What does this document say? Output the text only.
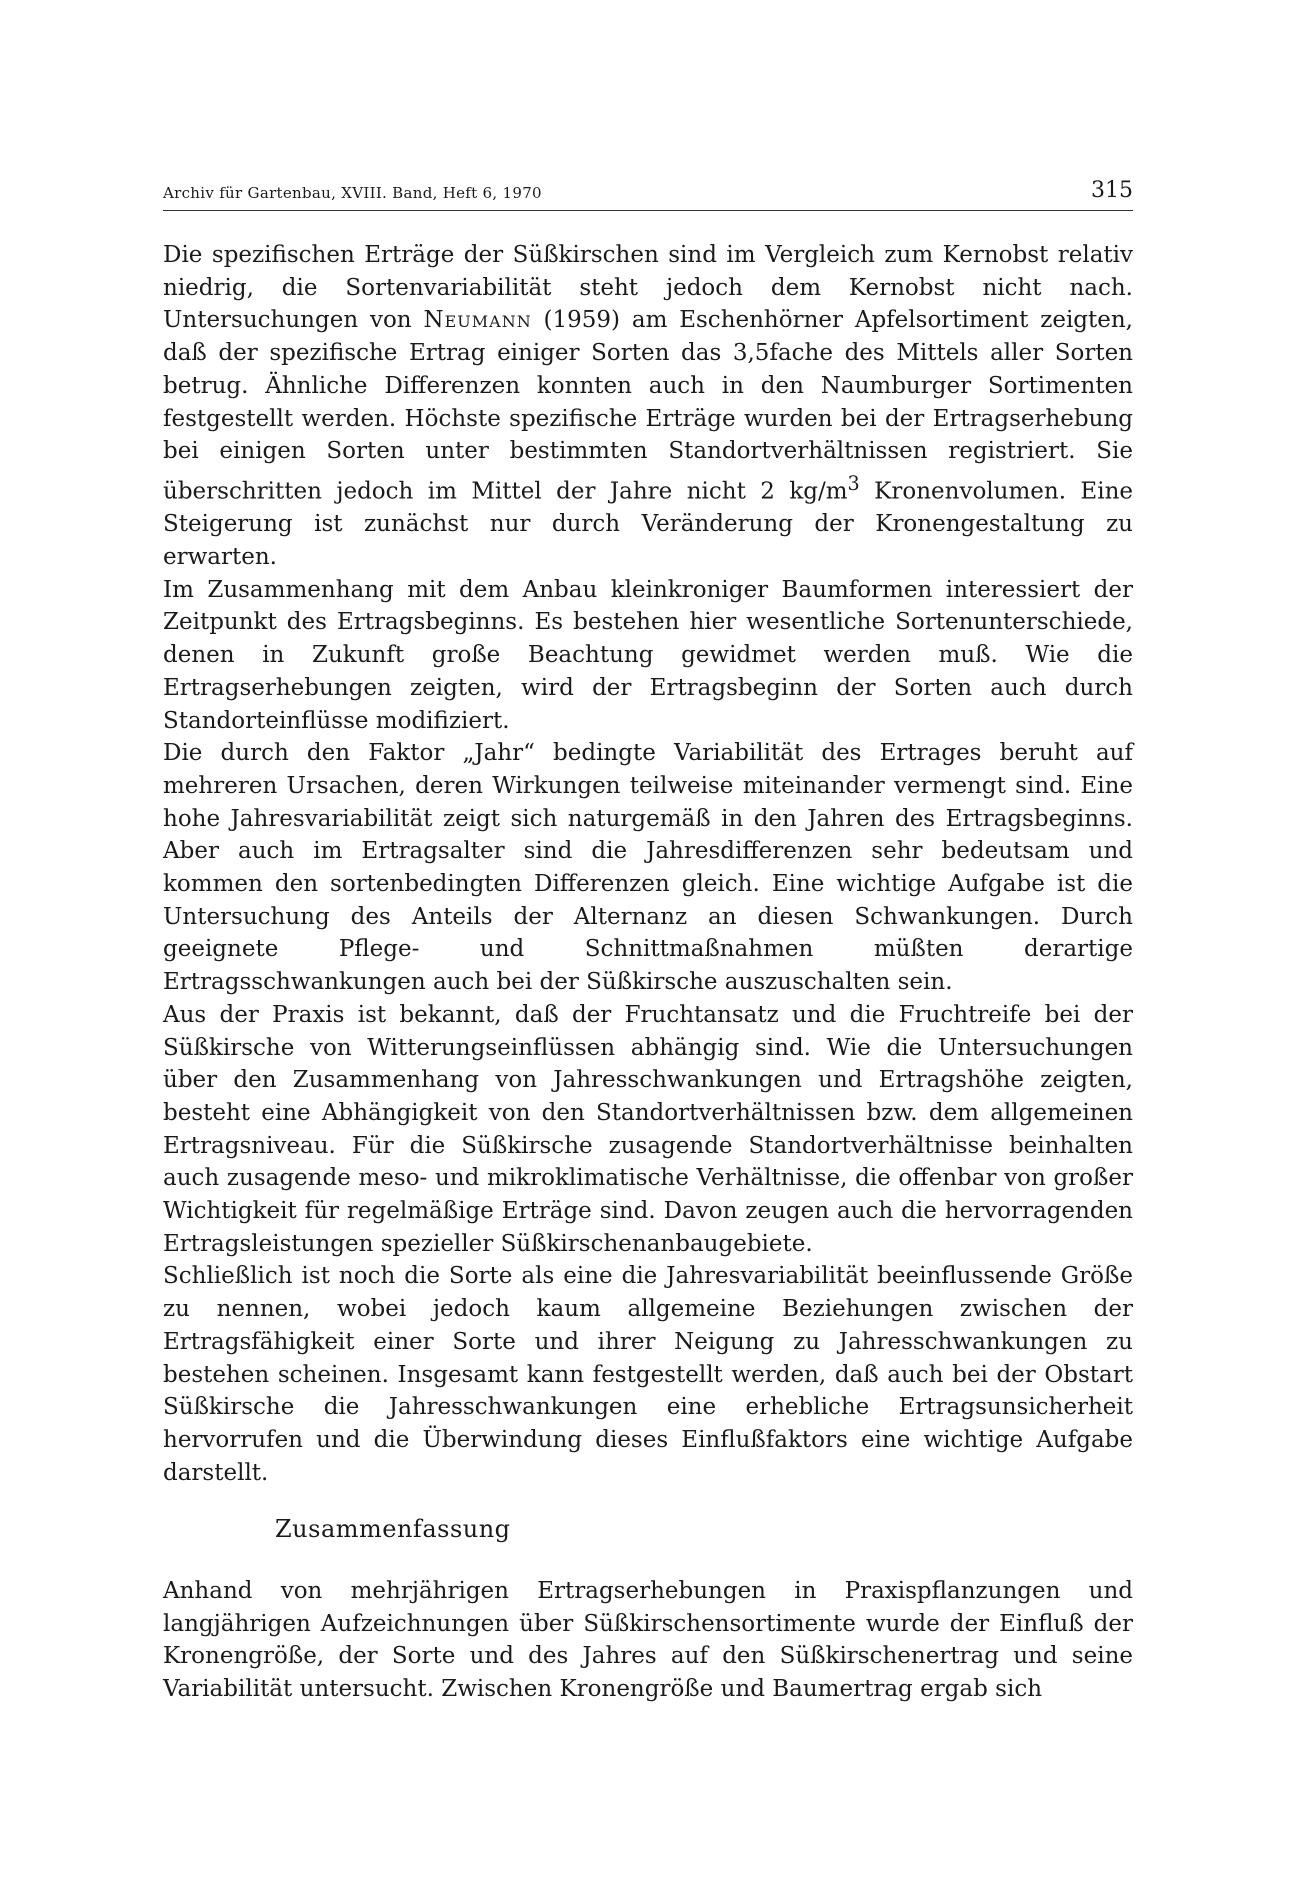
Archiv für Gartenbau, XVIII. Band, Heft 6, 1970	315

Die spezifischen Erträge der Süßkirschen sind im Vergleich zum Kernobst relativ niedrig, die Sortenvariabilität steht jedoch dem Kernobst nicht nach. Untersuchungen von Neumann (1959) am Eschenhörner Apfelsortiment zeigten, daß der spezifische Ertrag einiger Sorten das 3,5fache des Mittels aller Sorten betrug. Ähnliche Differenzen konnten auch in den Naumburger Sortimenten festgestellt werden. Höchste spezifische Erträge wurden bei der Ertragserhebung bei einigen Sorten unter bestimmten Standortverhältnissen registriert. Sie überschritten jedoch im Mittel der Jahre nicht 2 $kg/m^3$ Kronenvolumen. Eine Steigerung ist zunächst nur durch Veränderung der Kronengestaltung zu erwarten.

Im Zusammenhang mit dem Anbau kleinkroniger Baumformen interessiert der Zeitpunkt des Ertragsbeginns. Es bestehen hier wesentliche Sortenunterschiede, denen in Zukunft große Beachtung gewidmet werden muß. Wie die Ertragserhebungen zeigten, wird der Ertragsbeginn der Sorten auch durch Standorteinflüsse modifiziert.

Die durch den Faktor „Jahr“ bedingte Variabilität des Ertrages beruht auf mehreren Ursachen, deren Wirkungen teilweise miteinander vermengt sind. Eine hohe Jahresvariabilität zeigt sich naturgemäß in den Jahren des Ertragsbeginns. Aber auch im Ertragsalter sind die Jahresdifferenzen sehr bedeutsam und kommen den sortenbedingten Differenzen gleich. Eine wichtige Aufgabe ist die Untersuchung des Anteils der Alternanz an diesen Schwankungen. Durch geeignete Pflege- und Schnittmaßnahmen müßten derartige Ertragsschwankungen auch bei der Süßkirsche auszuschalten sein.

Aus der Praxis ist bekannt, daß der Fruchtansatz und die Fruchtreife bei der Süßkirsche von Witterungseinflüssen abhängig sind. Wie die Untersuchungen über den Zusammenhang von Jahresschwankungen und Ertragshöhe zeigten, besteht eine Abhängigkeit von den Standortverhältnissen bzw. dem allgemeinen Ertragsniveau. Für die Süßkirsche zusagende Standortverhältnisse beinhalten auch zusagende meso- und mikroklimatische Verhältnisse, die offenbar von großer Wichtigkeit für regelmäßige Erträge sind. Davon zeugen auch die hervorragenden Ertragsleistungen spezieller Süßkirschenanbaugebiete.

Schließlich ist noch die Sorte als eine die Jahresvariabilität beeinflussende Größe zu nennen, wobei jedoch kaum allgemeine Beziehungen zwischen der Ertragsfähigkeit einer Sorte und ihrer Neigung zu Jahresschwankungen zu bestehen scheinen. Insgesamt kann festgestellt werden, daß auch bei der Obstart Süßkirsche die Jahresschwankungen eine erhebliche Ertragsunsicherheit hervorrufen und die Überwindung dieses Einflußfaktors eine wichtige Aufgabe darstellt.

Zusammenfassung

Anhand von mehrjährigen Ertragserhebungen in Praxispflanzungen und langjährigen Aufzeichnungen über Süßkirschensortimente wurde der Einfluß der Kronengröße, der Sorte und des Jahres auf den Süßkirschenertrag und seine Variabilität untersucht. Zwischen Kronengröße und Baumertrag ergab sich
